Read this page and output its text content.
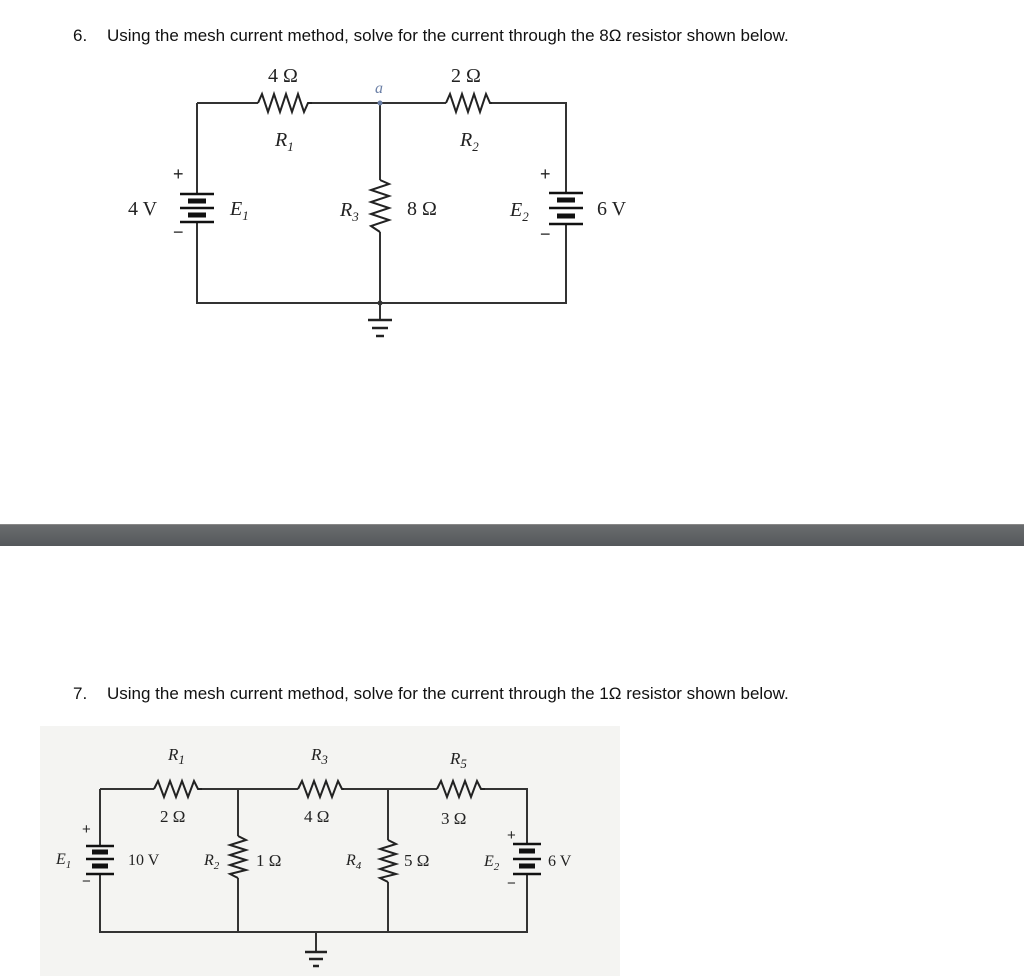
6. Using the mesh current method, solve for the current through the 8Ω resistor shown below.
4 Ω	2 Ω
a
$R_1$	$R_2$
+
−
4 V	$E_1$	$R_3$ 8 Ω	$E_2$
+
−
6 V
7. Using the mesh current method, solve for the current through the 1Ω resistor shown below.
$R_1$	$R_3$	$R_5$
2 Ω	4 Ω	3 Ω
+
−
$E_1$	10 V	$R_2$ 1 Ω	$R_4$	5 Ω	$E_2$
+
−
6 V
